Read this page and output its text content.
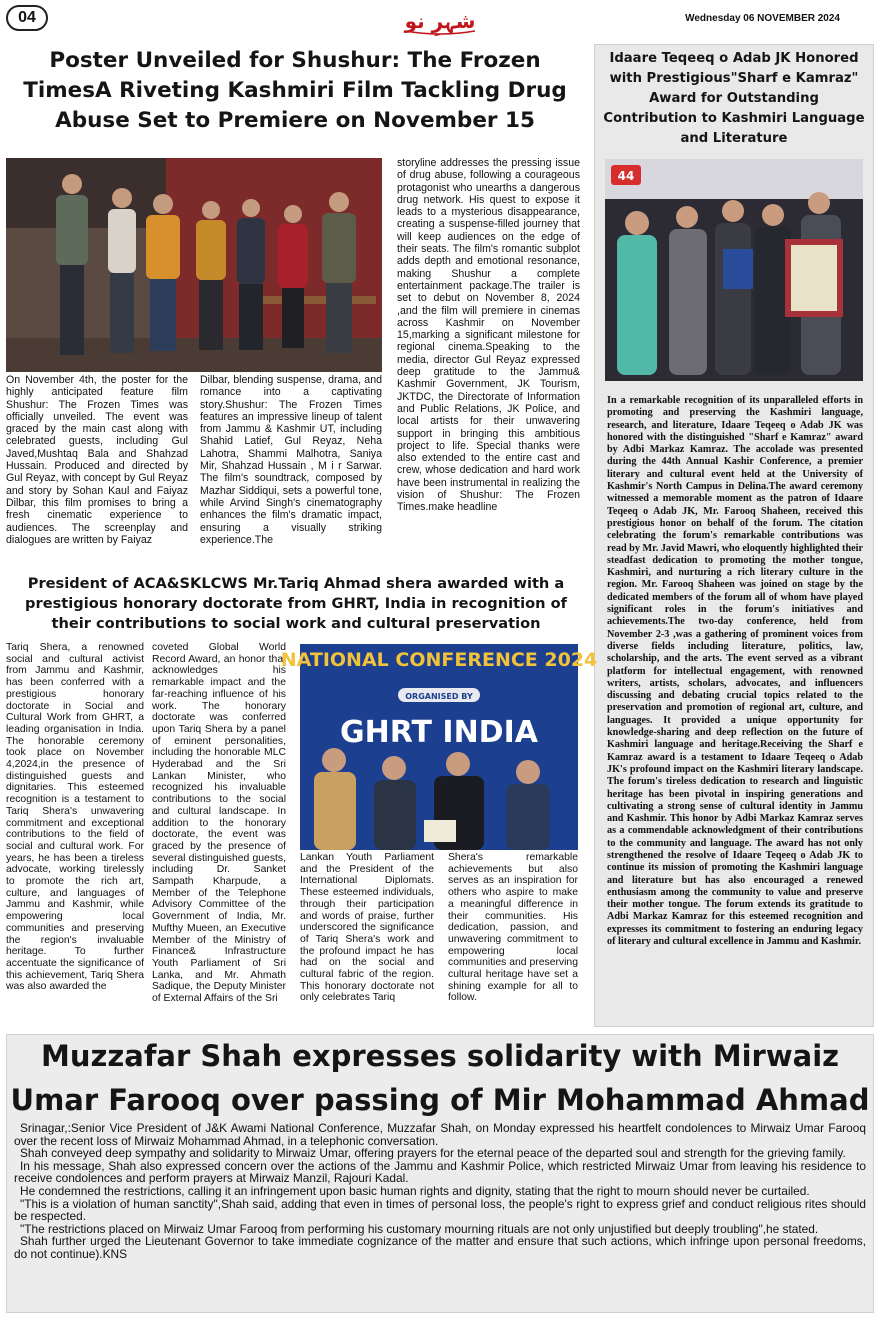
04	شہرِ نو	Wednesday 06 NOVEMBER 2024
Poster Unveiled for Shushur: The Frozen TimesA Riveting Kashmiri Film Tackling Drug Abuse Set to Premiere on November 15
On November 4th, the poster for the highly anticipated feature film Shushur: The Frozen Times was officially unveiled. The event was graced by the main cast along with celebrated guests, including Gul Javed,Mushtaq Bala and Shahzad Hussain. Produced and directed by Gul Reyaz, with concept by Gul Reyaz and story by Sohan Kaul and Faiyaz Dilbar, this film promises to bring a fresh cinematic experience to audiences. The screenplay and dialogues are written by Faiyaz
Dilbar, blending suspense, drama, and romance into a captivating story.Shushur: The Frozen Times features an impressive lineup of talent from Jammu & Kashmir UT, including Shahid Latief, Gul Reyaz, Neha Lahotra, Shammi Malhotra, Saniya Mir, Shahzad Hussain , M i r Sarwar. The film's soundtrack, composed by Mazhar Siddiqui, sets a powerful tone, while Arvind Singh's cinematography enhances the film's dramatic impact, ensuring a visually striking experience.The
storyline addresses the pressing issue of drug abuse, following a courageous protagonist who unearths a dangerous drug network. His quest to expose it leads to a mysterious disappearance, creating a suspense-filled journey that will keep audiences on the edge of their seats. The film's romantic subplot adds depth and emotional resonance, making Shushur a complete entertainment package.The trailer is set to debut on November 8, 2024 ,and the film will premiere in cinemas across Kashmir on November 15,marking a significant milestone for regional cinema.Speaking to the media, director Gul Reyaz expressed deep gratitude to the Jammu& Kashmir Government, JK Tourism, JKTDC, the Directorate of Information and Public Relations, JK Police, and local artists for their unwavering support in bringing this ambitious project to life. Special thanks were also extended to the entire cast and crew, whose dedication and hard work have been instrumental in realizing the vision of Shushur: The Frozen Times.make headline
Idaare Teqeeq o Adab JK Honored with Prestigious"Sharf e Kamraz" Award for Outstanding Contribution to Kashmiri Language and Literature
44
In a remarkable recognition of its unparalleled efforts in promoting and preserving the Kashmiri language, research, and literature, Idaare Teqeeq o Adab JK was honored with the distinguished "Sharf e Kamraz" award by Adbi Markaz Kamraz. The accolade was presented during the 44th Annual Kashir Conference, a premier literary and cultural event held at the University of Kashmir's North Campus in Delina.The award ceremony witnessed a memorable moment as the patron of Idaare Teqeeq o Adab JK, Mr. Farooq Shaheen, received this prestigious honor on behalf of the forum. The citation celebrating the forum's remarkable contributions was read by Mr. Javid Mawri, who eloquently highlighted their steadfast dedication to promoting the mother tongue, Kashmiri, and nurturing a rich literary culture in the region. Mr. Farooq Shaheen was joined on stage by the dedicated members of the forum all of whom have played significant roles in the forum's initiatives and achievements.The two-day conference, held from November 2-3 ,was a gathering of prominent voices from diverse fields including literature, politics, law, scholarship, and the arts. The event served as a vibrant platform for intellectual engagement, with renowned writers, artists, scholars, advocates, and influencers discussing and debating crucial topics related to the preservation and promotion of regional art, culture, and languages. It provided a unique opportunity for knowledge-sharing and deep reflection on the future of Kashmiri language and heritage.Receiving the Sharf e Kamraz award is a testament to Idaare Teqeeq o Adab JK's profound impact on the Kashmiri literary landscape. The forum's tireless dedication to research and linguistic heritage has been pivotal in inspiring generations and cultivating a strong sense of cultural identity in Jammu and Kashmir. This honor by Adbi Markaz Kamraz serves as a commendable acknowledgment of their contributions to the community and language. The award has not only strengthened the resolve of Idaare Teqeeq o Adab JK to continue its mission of promoting the Kashmiri language and literature but has also encouraged a renewed enthusiasm among the community to value and preserve their mother tongue. The forum extends its gratitude to Adbi Markaz Kamraz for this esteemed recognition and expresses its commitment to fostering an enduring legacy of literary and cultural excellence in Jammu and Kashmir.
President of ACA&SKLCWS Mr.Tariq Ahmad shera awarded with a prestigious honorary doctorate from GHRT, India in recognition of their contributions to social work and cultural preservation
Tariq Shera, a renowned social and cultural activist from Jammu and Kashmir, has been conferred with a prestigious honorary doctorate in Social and Cultural Work from GHRT, a leading organisation in India. The honorable ceremony took place on November 4,2024,in the presence of distinguished guests and dignitaries. This esteemed recognition is a testament to Tariq Shera's unwavering commitment and exceptional contributions to the field of social and cultural work. For years, he has been a tireless advocate, working tirelessly to promote the rich art, culture, and languages of Jammu and Kashmir, while empowering local communities and preserving the region's invaluable heritage. To further accentuate the significance of this achievement, Tariq Shera was also awarded the
coveted Global World Record Award, an honor that acknowledges his remarkable impact and the far-reaching influence of his work. The honorary doctorate was conferred upon Tariq Shera by a panel of eminent personalities, including the honorable MLC Hyderabad and the Sri Lankan Minister, who recognized his invaluable contributions to the social and cultural landscape. In addition to the honorary doctorate, the event was graced by the presence of several distinguished guests, including Dr. Sanket Sampath Kharpude, a Member of the Telephone Advisory Committee of the Government of India, Mr. Mufthy Mueen, an Executive Member of the Ministry of Finance& Infrastructure Youth Parliament of Sri Lanka, and Mr. Ahmath Sadique, the Deputy Minister of External Affairs of the Sri
NATIONAL CONFERENCE 2024
ORGANISED BY
GHRT INDIA
Lankan Youth Parliament and the President of the International Diplomats. These esteemed individuals, through their participation and words of praise, further underscored the significance of Tariq Shera's work and the profound impact he has had on the social and cultural fabric of the region. This honorary doctorate not only celebrates Tariq
Shera's remarkable achievements but also serves as an inspiration for others who aspire to make a meaningful difference in their communities. His dedication, passion, and unwavering commitment to empowering local communities and preserving cultural heritage have set a shining example for all to follow.
Muzzafar Shah expresses solidarity with Mirwaiz Umar Farooq over passing of Mir Mohammad Ahmad

Srinagar,:Senior Vice President of J&K Awami National Conference, Muzzafar Shah, on Monday expressed his heartfelt condolences to Mirwaiz Umar Farooq over the recent loss of Mirwaiz Mohammad Ahmad, in a telephonic conversation.

Shah conveyed deep sympathy and solidarity to Mirwaiz Umar, offering prayers for the eternal peace of the departed soul and strength for the grieving family.

In his message, Shah also expressed concern over the actions of the Jammu and Kashmir Police, which restricted Mirwaiz Umar from leaving his residence to receive condolences and perform prayers at Mirwaiz Manzil, Rajouri Kadal.

He condemned the restrictions, calling it an infringement upon basic human rights and dignity, stating that the right to mourn should never be curtailed.

"This is a violation of human sanctity",Shah said, adding that even in times of personal loss, the people's right to express grief and conduct religious rites should be respected.

"The restrictions placed on Mirwaiz Umar Farooq from performing his customary mourning rituals are not only unjustified but deeply troubling",he stated.

Shah further urged the Lieutenant Governor to take immediate cognizance of the matter and ensure that such actions, which infringe upon personal freedoms, do not continue).KNS
